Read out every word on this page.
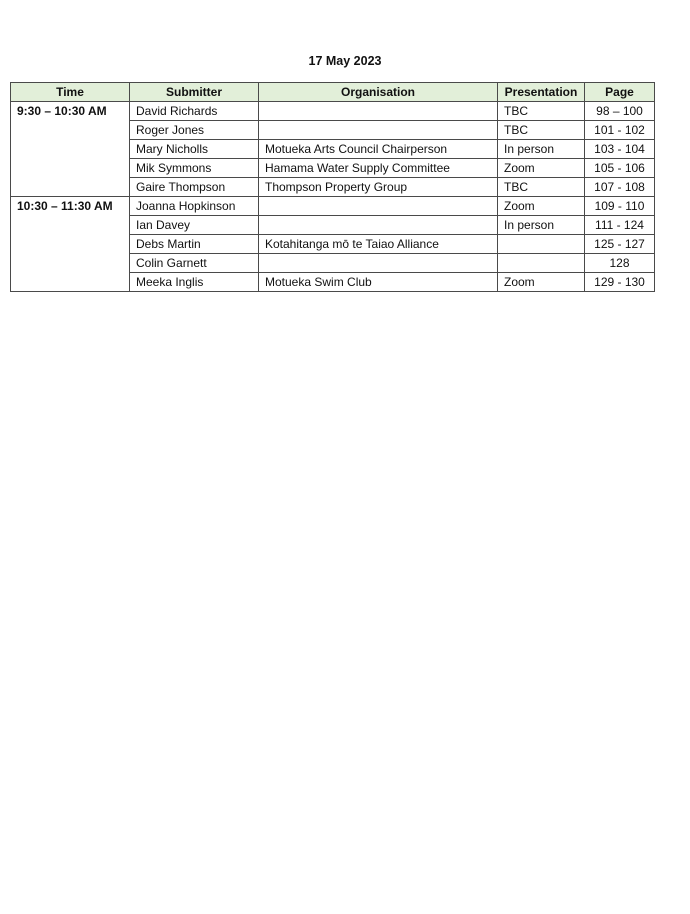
17 May 2023
Time	Submitter	Organisation	Presentation	Page
9:30 – 10:30 AM	David Richards		TBC	98 – 100
	Roger Jones		TBC	101 - 102
	Mary Nicholls	Motueka Arts Council Chairperson	In person	103 - 104
	Mik Symmons	Hamama Water Supply Committee	Zoom	105 - 106
	Gaire Thompson	Thompson Property Group	TBC	107 - 108
10:30 – 11:30 AM	Joanna Hopkinson		Zoom	109 - 110
	Ian Davey		In person	111 - 124
	Debs Martin	Kotahitanga mō te Taiao Alliance		125 - 127
	Colin Garnett			128
	Meeka Inglis	Motueka Swim Club	Zoom	129 - 130
